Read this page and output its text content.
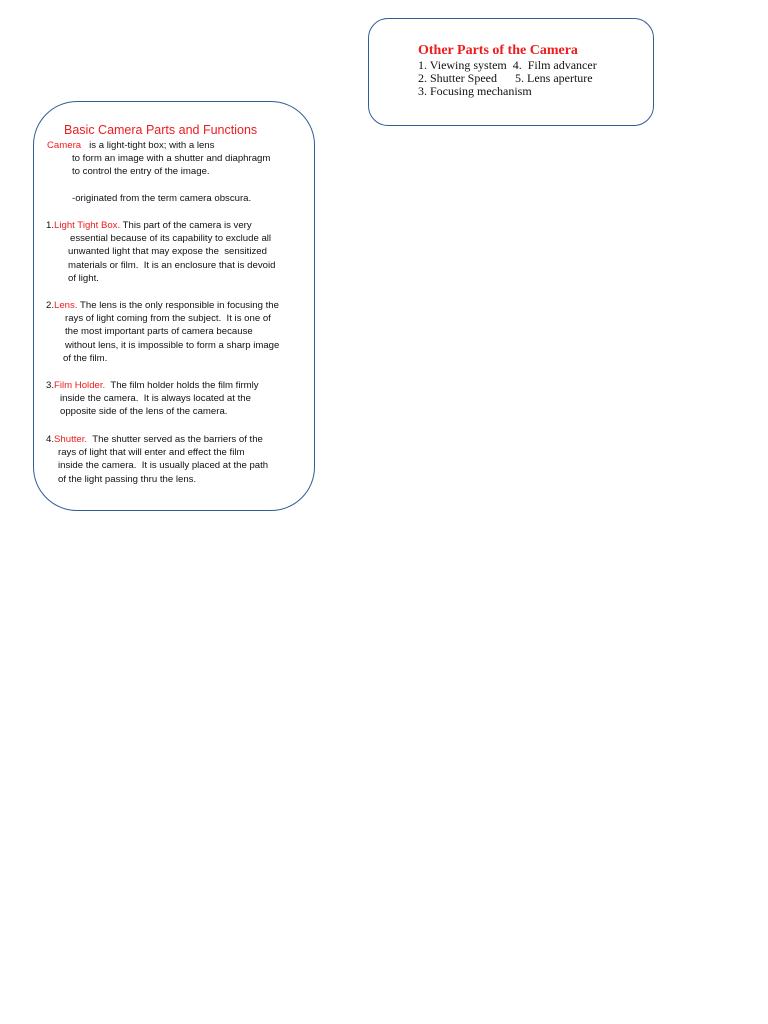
Other Parts of the Camera
1. Viewing system  4.  Film advancer
2. Shutter Speed      5. Lens aperture
3. Focusing mechanism
Basic Camera Parts and Functions
Camera   is a light-tight box; with a lens
to form an image with a shutter and diaphragm
to control the entry of the image.
-originated from the term camera obscura.
1.Light Tight Box. This part of the camera is very
essential because of its capability to exclude all
unwanted light that may expose the  sensitized
materials or film.  It is an enclosure that is devoid
of light.
2.Lens. The lens is the only responsible in focusing the
rays of light coming from the subject.  It is one of
the most important parts of camera because
without lens, it is impossible to form a sharp image
of the film.
3.Film Holder.  The film holder holds the film firmly
inside the camera.  It is always located at the
opposite side of the lens of the camera.
4.Shutter.  The shutter served as the barriers of the
rays of light that will enter and effect the film
inside the camera.  It is usually placed at the path
of the light passing thru the lens.
